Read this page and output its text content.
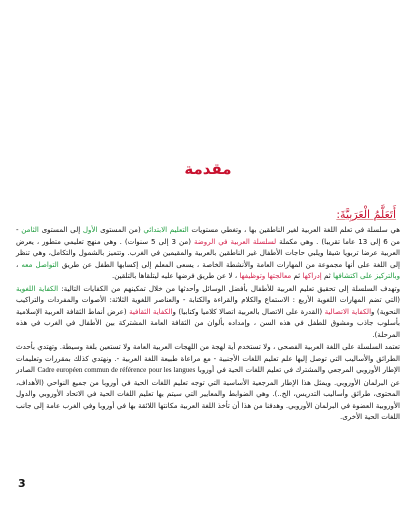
مقدمة
أَتَعَلَّمُ الْعَرَبِيَّةَ:

هي سلسلة في تعلم اللغة العربية لغير الناطقين بها ، وتغطي مستويات التعليم الابتدائي (من المستوى الأول إلى المستوى الثامن - من 6 إلى 13 عاما تقريبا) . وهي مكملة لسلسلة العربية في الروضة (من 3 إلى 5 سنوات) . وهي منهج تعليمي متطور ، يعرض العربية عرضا تربويا شيقا ويلبي حاجات الأطفال غير الناطقين بالعربية والمقيمين في الغرب. وتتميز بالشمول والتكامل، وهي تنظر إلى اللغة على أنها مجموعة من المهارات العامة والأنشطة الخاصة ، يسعى المعلم إلى إكسابها الطفل عن طريق التواصل معه ، وبالتركيز على اكتشافها ثم إدراكها ثم معالجتها وتوظيفها ، لا عن طريق فرضها عليه ليتلقاها بالتلقين.

وتهدف السلسلة إلى تحقيق تعليم العربية للأطفال بأفضل الوسائل وأحدثها من خلال تمكينهم من الكفايات التالية: الكفاية اللغوية (التي تضم المهارات اللغوية الأربع : الاستماع والكلام والقراءة والكتابة - والعناصر اللغوية الثلاثة: الأصوات والمفردات والتراكيب النحوية) والكفاية الاتصالية (القدرة على الاتصال بالعربية اتصالا كلاميا وكتابيا) والكفاية الثقافية (عرض أنماط الثقافة العربية الإسلامية بأسلوب جاذب ومشوق للطفل في هذه السن ، وإمداده بألوان من الثقافة العامة المشتركة بين الأطفال في الغرب في هذه المرحلة).

تعتمد السلسلة على اللغة العربية الفصحى ، ولا تستخدم أية لهجة من اللهجات العربية العامة ولا تستعين بلغة وسيطة. وتهتدي بأحدث الطرائق والأساليب التي توصل إليها علم تعليم اللغات الأجنبية - مع مراعاة طبيعة اللغة العربية -. ونهتدي كذلك بمقررات وتعليمات الإطار الأوروبي المرجعي والمشترك في تعليم اللغات الحية في أوروبا Cadre européen commun de référence pour les langues الصادر عن البرلمان الأوروبي. ويمثل هذا الإطار المرجعية الأساسية التي توجه تعليم اللغات الحية في أوروبا من جميع النواحي (الأهداف، المحتوى، طرائق وأساليب التدريس، الخ..). وهي الضوابط والمعايير التي سيتم بها تعليم اللغات الحية في الاتحاد الأوروبي والدول الأوروبية العضوة في البرلمان الأوروبي. وهدفنا من هذا أن تأخذ اللغة العربية مكانتها اللائقة بها في أوروبا وفي الغرب عامة إلى جانب اللغات الحية الأخرى.

3
